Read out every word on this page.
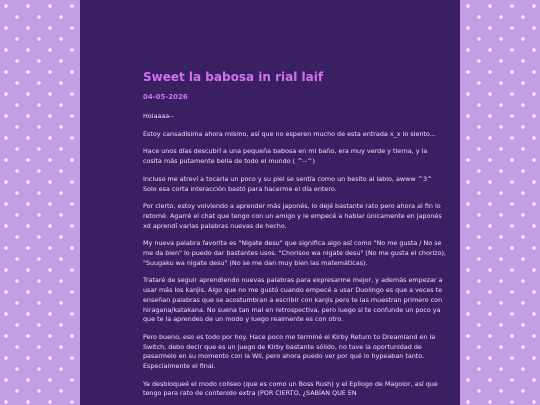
Sweet la babosa in rial laif
04-05-2026

Holaaaa--

Estoy cansadísima ahora mismo, así que no esperen mucho de esta entrada x_x lo siento...

Hace unos días descubrí a una pequeña babosa en mi baño, era muy verde y tierna, y la cosita más putamente bella de todo el mundo ( ^--^)

Incluso me atreví a tocarla un poco y su piel se sentía como un besito al labio, awww ^3^ Solo esa corta interacción bastó para hacerme el día entero.

Por cierto, estoy volviendo a aprender más japonés, lo dejé bastante rato pero ahora al fin lo retomé. Agarré el chat que tengo con un amigo y le empecé a hablar únicamente en japonés xd aprendí varias palabras nuevas de hecho.

My nueva palabra favorita es "Nigate desu" que significa algo así como "No me gusta / No se me da bien" lo puedo dar bastantes usos. "Chorisoo wa nigate desu" (No me gusta el chorizo), "Suugaku wa nigate desu" (No se me dan muy bien las matemáticas).

Trataré de seguir aprendiendo nuevas palabras para expresarme mejor, y además empezar a usar más los kanjis. Algo que no me gustó cuando empecé a usar Duolingo es que a veces te enseñan palabras que se acostumbran a escribir con kanjis pero te las muestran primero con hiragana/katakana. No suena tan mal en retrospectiva, pero luego si te confunde un poco ya que te la aprendes de un modo y luego realmente es con otro.

Pero bueno, eso es todo por hoy. Hace poco me terminé el Kirby Return to Dreamland en la Switch, debo decir que es un juego de Kirby bastante sólido, no tuve la oportunidad de pasarmelo en su momento con la Wii, pero ahora puedo ver por qué lo hypeaban tanto. Especialmente el final.

Ya desbloqueé el modo coliseo (que es como un Boss Rush) y el Epílogo de Magolor, así que tengo para rato de contenido extra (POR CIERTO, ¿SABÍAN QUE EN
